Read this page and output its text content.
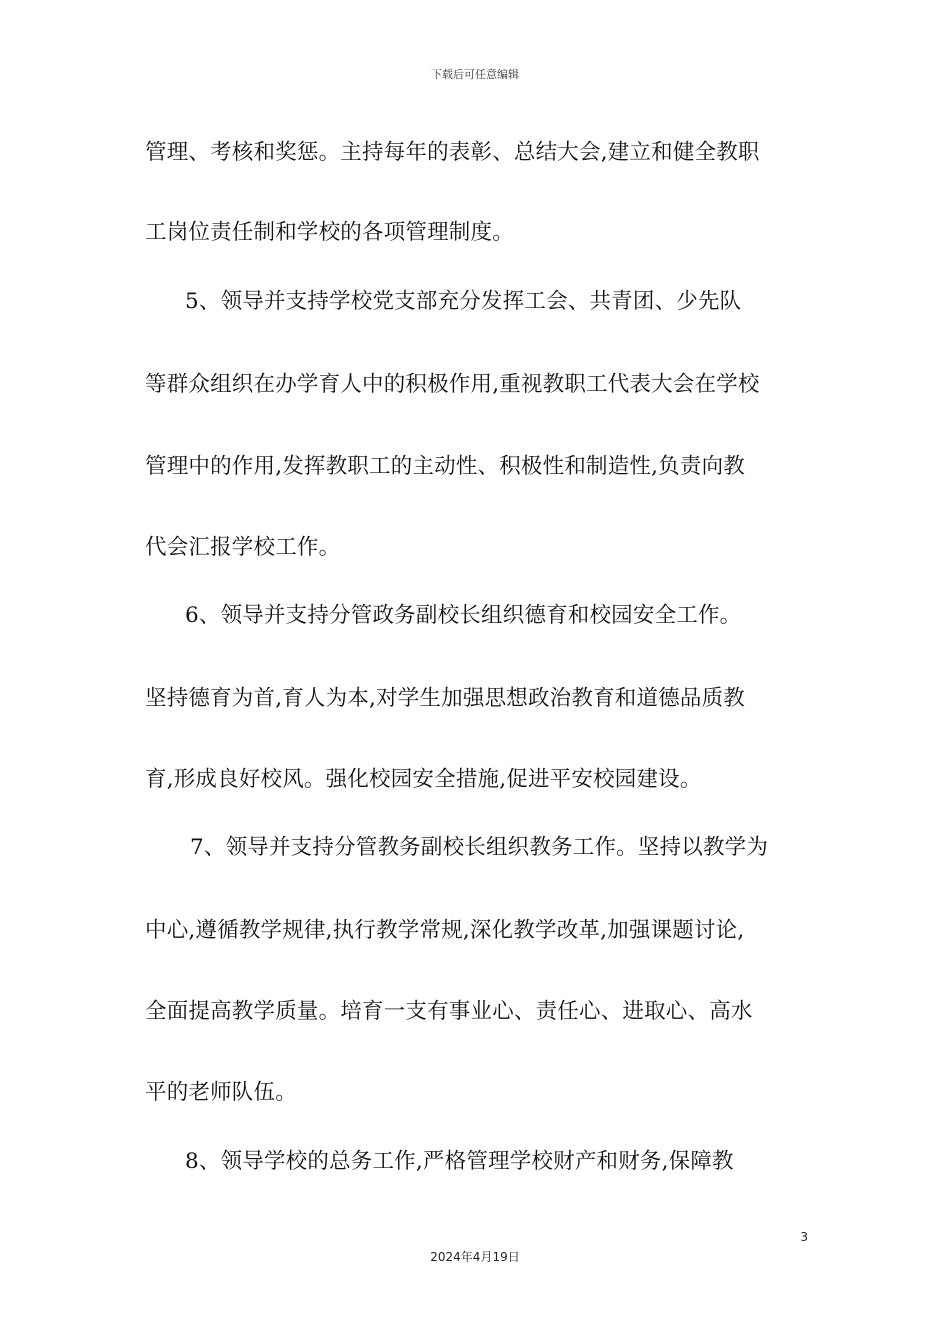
下载后可任意编辑
管理、考核和奖惩。主持每年的表彰、总结大会,建立和健全教职
工岗位责任制和学校的各项管理制度。
5、领导并支持学校党支部充分发挥工会、共青团、少先队
等群众组织在办学育人中的积极作用,重视教职工代表大会在学校
管理中的作用,发挥教职工的主动性、积极性和制造性,负责向教
代会汇报学校工作。
6、领导并支持分管政务副校长组织德育和校园安全工作。
坚持德育为首,育人为本,对学生加强思想政治教育和道德品质教
育,形成良好校风。强化校园安全措施,促进平安校园建设。
7、领导并支持分管教务副校长组织教务工作。坚持以教学为
中心,遵循教学规律,执行教学常规,深化教学改革,加强课题讨论,
全面提高教学质量。培育一支有事业心、责任心、进取心、高水
平的老师队伍。
8、领导学校的总务工作,严格管理学校财产和财务,保障教
3
2024年4月19日
